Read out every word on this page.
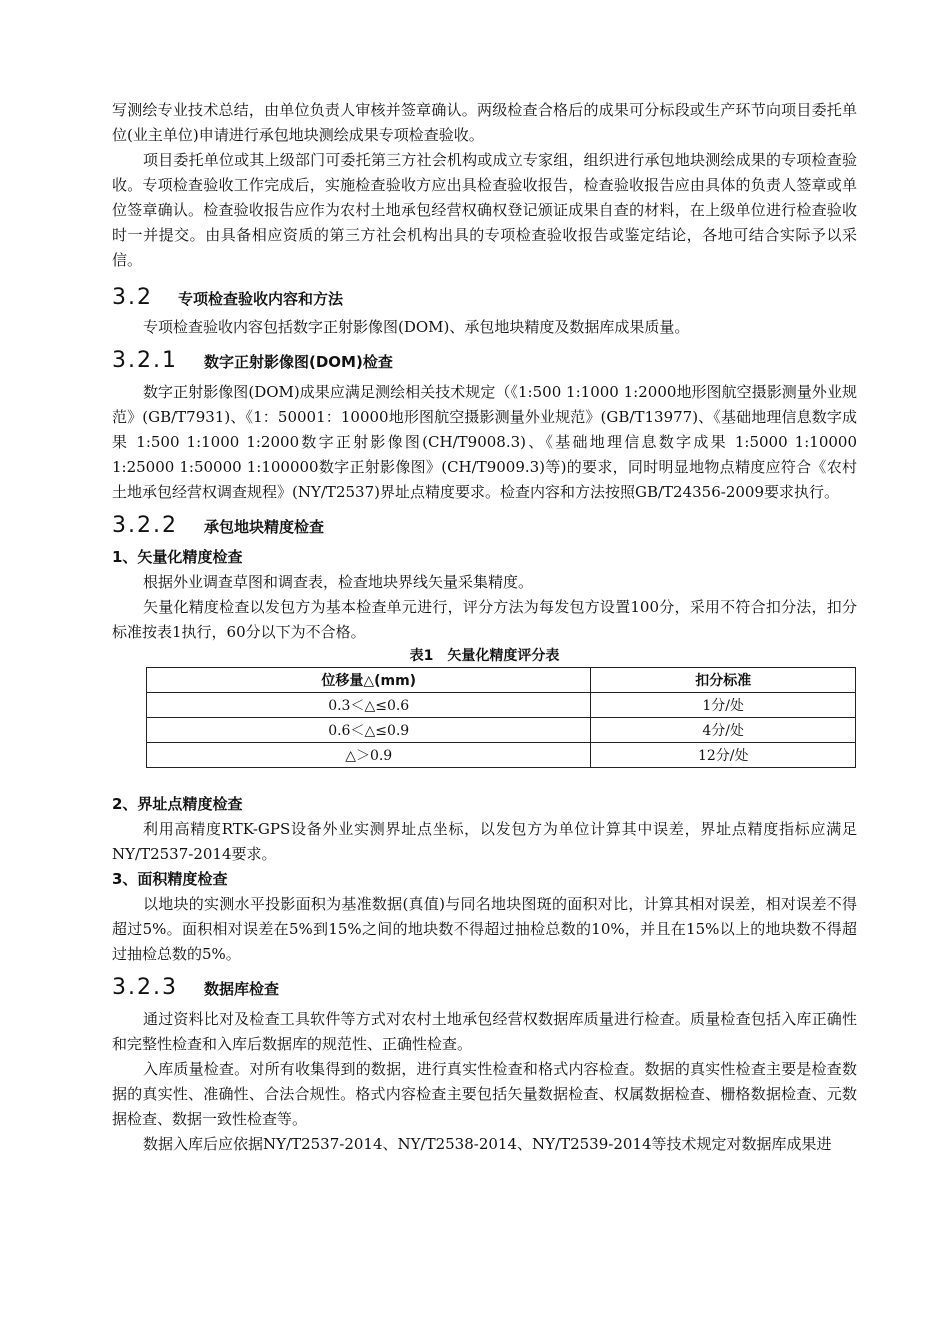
写测绘专业技术总结，由单位负责人审核并签章确认。两级检查合格后的成果可分标段或生产环节向项目委托单位(业主单位)申请进行承包地块测绘成果专项检查验收。

项目委托单位或其上级部门可委托第三方社会机构或成立专家组，组织进行承包地块测绘成果的专项检查验收。专项检查验收工作完成后，实施检查验收方应出具检查验收报告，检查验收报告应由具体的负责人签章或单位签章确认。检查验收报告应作为农村土地承包经营权确权登记颁证成果自查的材料，在上级单位进行检查验收时一并提交。由具备相应资质的第三方社会机构出具的专项检查验收报告或鉴定结论，各地可结合实际予以采信。

3.2	专项检查验收内容和方法

专项检查验收内容包括数字正射影像图(DOM)、承包地块精度及数据库成果质量。

3.2.1	数字正射影像图(DOM)检查

数字正射影像图(DOM)成果应满足测绘相关技术规定（《1:500 1:1000 1:2000地形图航空摄影测量外业规范》(GB/T7931)、《1：50001：10000地形图航空摄影测量外业规范》(GB/T13977)、《基础地理信息数字成果 1:500 1:1000 1:2000数字正射影像图(CH/T9008.3)、《基础地理信息数字成果 1:5000 1:10000 1:25000 1:50000 1:100000数字正射影像图》(CH/T9009.3)等)的要求，同时明显地物点精度应符合《农村土地承包经营权调查规程》(NY/T2537)界址点精度要求。检查内容和方法按照GB/T24356-2009要求执行。

3.2.2	承包地块精度检查

1、矢量化精度检查

根据外业调查草图和调查表，检查地块界线矢量采集精度。

矢量化精度检查以发包方为基本检查单元进行，评分方法为每发包方设置100分，采用不符合扣分法，扣分标准按表1执行，60分以下为不合格。

表1　矢量化精度评分表
位移量△(mm)	扣分标准
0.3＜△≤0.6	1分/处
0.6＜△≤0.9	4分/处
△＞0.9	12分/处

2、界址点精度检查

利用高精度RTK-GPS设备外业实测界址点坐标，以发包方为单位计算其中误差，界址点精度指标应满足NY/T2537-2014要求。

3、面积精度检查

以地块的实测水平投影面积为基准数据(真值)与同名地块图斑的面积对比，计算其相对误差，相对误差不得超过5%。面积相对误差在5%到15%之间的地块数不得超过抽检总数的10%，并且在15%以上的地块数不得超过抽检总数的5%。

3.2.3	数据库检查

通过资料比对及检查工具软件等方式对农村土地承包经营权数据库质量进行检查。质量检查包括入库正确性和完整性检查和入库后数据库的规范性、正确性检查。

入库质量检查。对所有收集得到的数据，进行真实性检查和格式内容检查。数据的真实性检查主要是检查数据的真实性、准确性、合法合规性。格式内容检查主要包括矢量数据检查、权属数据检查、栅格数据检查、元数据检查、数据一致性检查等。

数据入库后应依据NY/T2537-2014、NY/T2538-2014、NY/T2539-2014等技术规定对数据库成果进
